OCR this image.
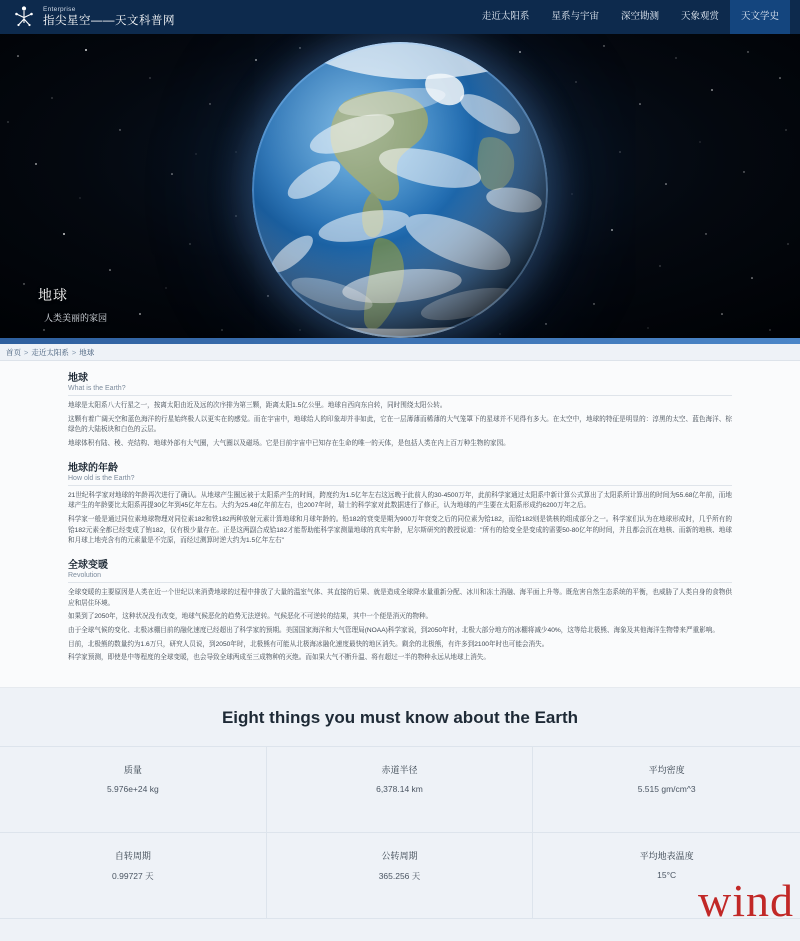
Enterprise
指尖星空——天文科普网	走近太阳系	星系与宇宙	深空勘测	天象观赏	天文学史
地球
人类美丽的家园
首页 > 走近太阳系 > 地球
地球
What is the Earth?

地球是太阳系八大行星之一，按离太阳由近及远的次序排为第三颗，距离太阳1.5亿公里。地球自西向东自转，同时围绕太阳公转。

这颗有着广阔天空和蓝色海洋的行星始终极人以更实在的感觉。而在宇宙中，地球给人的印象却并非如此，它在一层薄薄而稀薄的大气笼罩下的星球并不见得有多大。在太空中，地球的特征是明显的：淳黑的太空、蓝色海洋、棕绿色的大陆板块和白色的云层。

地球体积有陆、稜、壳结构、地球外部有大气圈，大气圈以及磁场。它是目前宇宙中已知存在生命的唯一的天体，是包括人类在内上百万种生物的家园。

地球的年龄
How old is the Earth?

21世纪科学家对地球的年龄再次进行了确认。从地球产生圈远被于太阳系产生的时间，跨度约为1.5亿年左右这远晚于此前人的30-4500万年，此前科学家通过太阳系中新计算公式算出了太阳系所计算出的时间为55.68亿年前，而地球产生的年龄要比太阳系再提30亿年到45亿年左右。大约为25.48亿年前左右，也2007年时，瑞士的科学家对此数据进行了修正，认为地球的产生要在太阳系形成约6200万年之后。

科学家一般是通过同位素地球物理对同位素182和铁182两种放射元素计算地球和月球年龄的。铅182的衰变是期为900万年衰变之后的同位素为铪182，而铪182则是铣核的组成部分之一。科学家们认为在地球形成时，几乎所有的铪182元素全都已经变成了铕182，仅有极少量存在。正是这两副合成铪182才能帮助能科学家测量地球的真实年龄，尼尔斯研究的教授说道："所有的铪变全是变成的需要50-80亿年的时间，并且都会沉在地核、而新的地核、地球和月球上地壳含有的元素量是不完原，而经过测算时逆大约为1.5亿年左右"

全球变暖
Revolution

全球变暖的主要原因是人类在近一个世纪以来消费地球的过程中排放了大量的温室气体、其直接的后果、就是造成全球降水量重新分配、冰川和冻土消融、海平面上升等。既危害自然生态系统的平衡，也威胁了人类自身的食物供应和居住环境。

如果到了2050年，这种状况没有改变，地球气候恶化的趋势无法逆转。气候恶化不可逆转的结果，其中一个便是消灭的物种。

由于全球气候的变化、北极冰棚目前的融化速度已经超出了科学家的预期。美国国家海洋和大气管理局(NOAA)科学家说，到2050年时，北极大部分地方的冰棚将减少40%，这等给北极熊、海象及其他海洋生物带来严重影响。

目前，北极熊的数量约为1.6万只，研究人员说，到2050年时，北极熊有可能从北极海冰融化速度最快的地区消失。剩余的北极熊，有许多到2100年时也可能会消失。

科学家预测，即使是中等程度的全球变暖，也会导致全球两成至三成物种的灭绝。而如果大气不断升温、将有超过一半的物种永远从地球上消失。

Eight things you must know about the Earth
质量
5.976e+24 kg
赤道半径
6,378.14 km
平均密度
5.515 gm/cm^3
自转周期
0.99727 天
公转周期
365.256 天
平均地表温度
15°C wind
